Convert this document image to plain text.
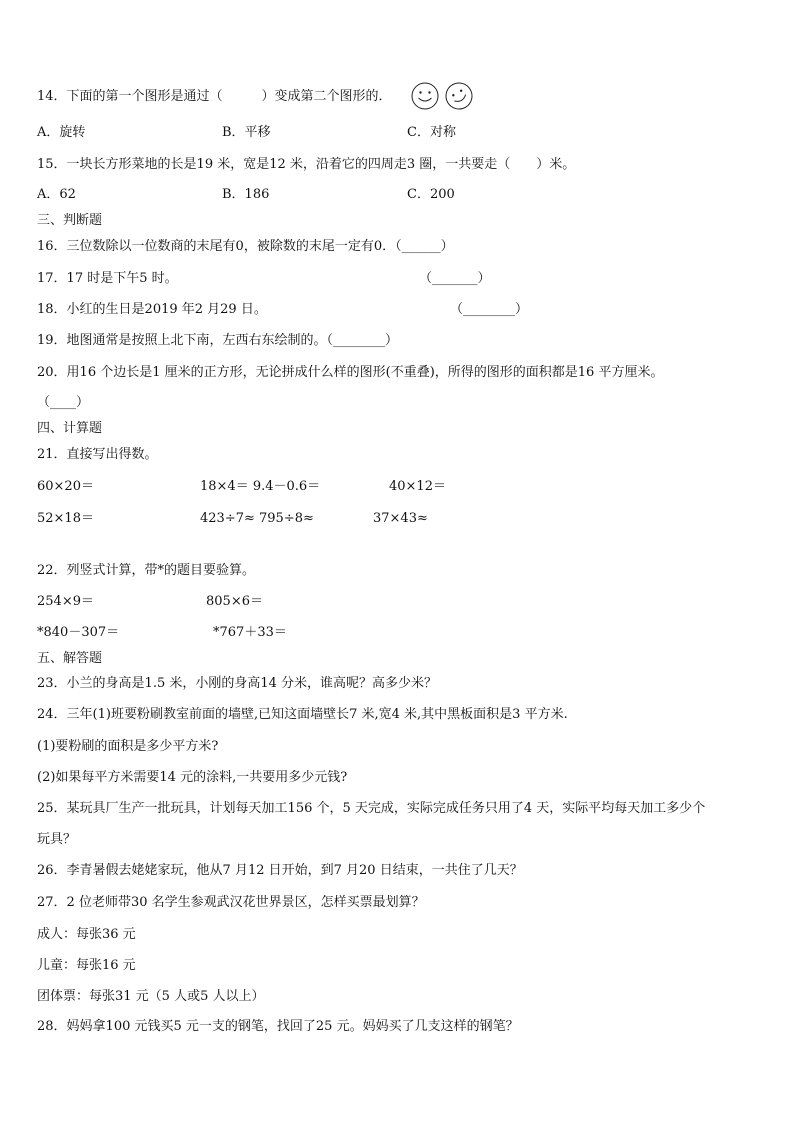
14．下面的第一个图形是通过（　　　）变成第二个图形的．
A．旋转	B．平移	C．对称
15．一块长方形菜地的长是19 米，宽是12 米，沿着它的四周走3 圈，一共要走（　　）米。
A．62	B．186	C．200
三、判断题
16．三位数除以一位数商的末尾有0，被除数的末尾一定有0．（______）
17．17 时是下午5 时。	（_______）
18．小红的生日是2019 年2 月29 日。	（________）
19．地图通常是按照上北下南，左西右东绘制的。（________）
20．用16 个边长是1 厘米的正方形，无论拼成什么样的图形(不重叠)，所得的图形的面积都是16 平方厘米。
（____）
四、计算题
21．直接写出得数。
60×20＝	18×4＝ 9.4－0.6＝	40×12＝
52×18＝	423÷7≈ 795÷8≈	37×43≈
22．列竖式计算，带*的题目要验算。
254×9＝	805×6＝
*840－307＝	*767＋33＝
五、解答题
23．小兰的身高是1.5 米，小刚的身高14 分米，谁高呢？高多少米？
24．三年(1)班要粉刷教室前面的墙壁,已知这面墙壁长7 米,宽4 米,其中黑板面积是3 平方米.
(1)要粉刷的面积是多少平方米?
(2)如果每平方米需要14 元的涂料,一共要用多少元钱?
25．某玩具厂生产一批玩具，计划每天加工156 个，5 天完成，实际完成任务只用了4 天，实际平均每天加工多少个
玩具？
26．李青暑假去姥姥家玩，他从7 月12 日开始，到7 月20 日结束，一共住了几天？
27．2 位老师带30 名学生参观武汉花世界景区，怎样买票最划算？
成人：每张36 元
儿童：每张16 元
团体票：每张31 元（5 人或5 人以上）
28．妈妈拿100 元钱买5 元一支的钢笔，找回了25 元。妈妈买了几支这样的钢笔？
